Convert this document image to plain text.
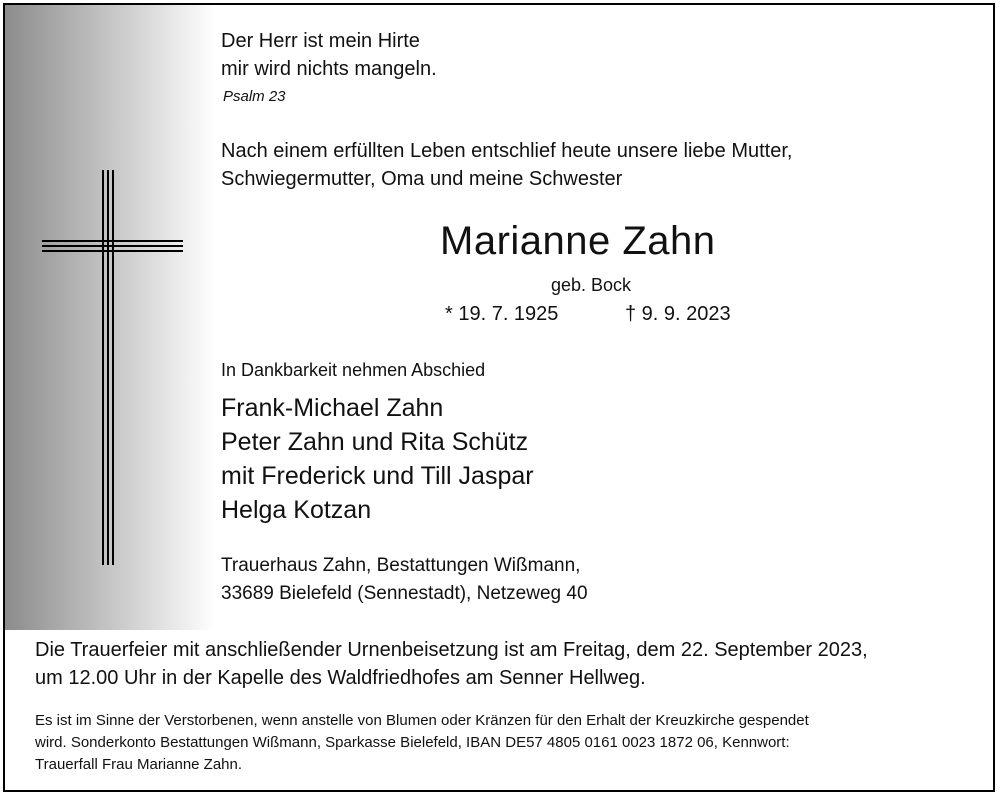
Der Herr ist mein Hirte
mir wird nichts mangeln.
Psalm 23
Nach einem erfüllten Leben entschlief heute unsere liebe Mutter,
Schwiegermutter, Oma und meine Schwester
Marianne Zahn
geb. Bock
* 19. 7. 1925	† 9. 9. 2023
In Dankbarkeit nehmen Abschied
Frank-Michael Zahn
Peter Zahn und Rita Schütz
mit Frederick und Till Jaspar
Helga Kotzan
Trauerhaus Zahn, Bestattungen Wißmann,
33689 Bielefeld (Sennestadt), Netzeweg 40
Die Trauerfeier mit anschließender Urnenbeisetzung ist am Freitag, dem 22. September 2023,
um 12.00 Uhr in der Kapelle des Waldfriedhofes am Senner Hellweg.
Es ist im Sinne der Verstorbenen, wenn anstelle von Blumen oder Kränzen für den Erhalt der Kreuzkirche gespendet
wird. Sonderkonto Bestattungen Wißmann, Sparkasse Bielefeld, IBAN DE57 4805 0161 0023 1872 06, Kennwort:
Trauerfall Frau Marianne Zahn.
